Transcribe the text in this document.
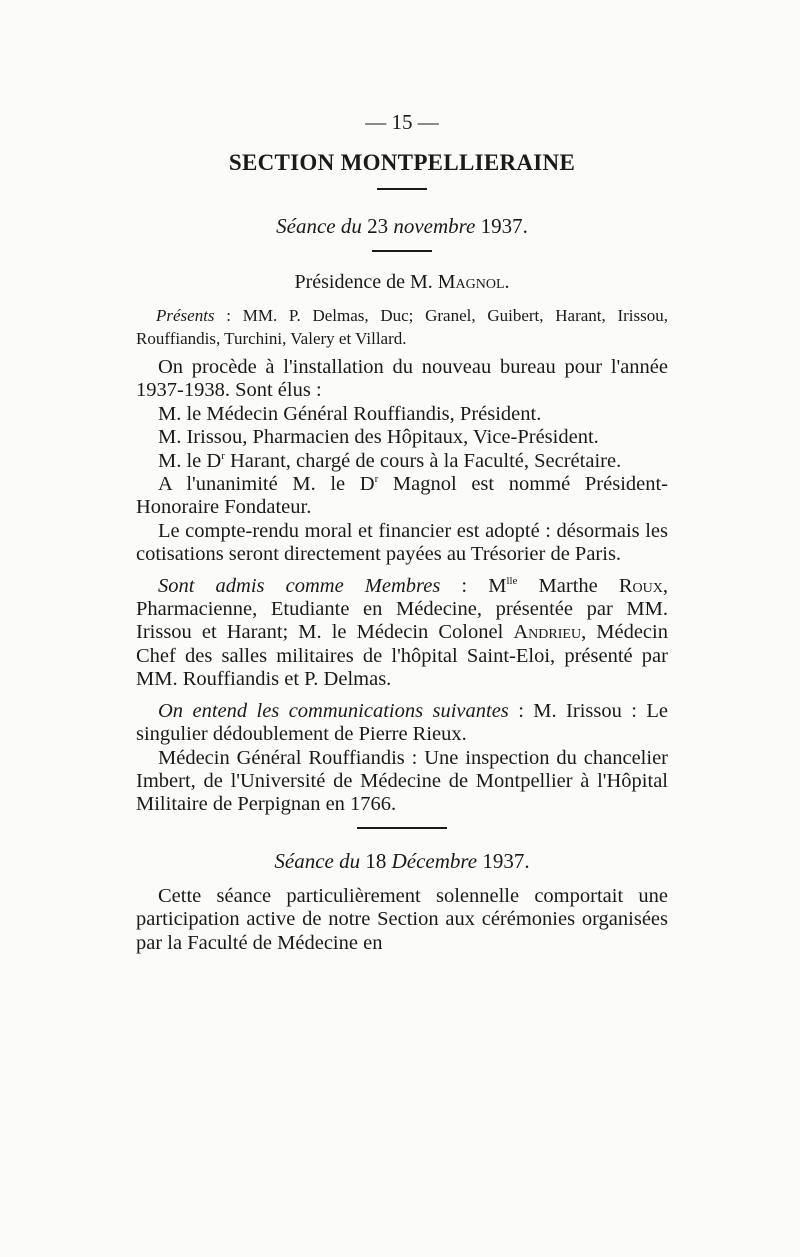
— 15 —
SECTION MONTPELLIERAINE
Séance du 23 novembre 1937.
Présidence de M. Magnol.
Présents : MM. P. Delmas, Duc; Granel, Guibert, Harant, Irissou, Rouffiandis, Turchini, Valery et Villard.

On procède à l'installation du nouveau bureau pour l'année 1937-1938. Sont élus :

M. le Médecin Général Rouffiandis, Président.

M. Irissou, Pharmacien des Hôpitaux, Vice-Président.

M. le $D^r$ Harant, chargé de cours à la Faculté, Secrétaire.

A l'unanimité M. le $D^r$ Magnol est nommé Président-Honoraire Fondateur.

Le compte-rendu moral et financier est adopté : désormais les cotisations seront directement payées au Trésorier de Paris.

Sont admis comme Membres : $M^{lle}$ Marthe Roux, Pharmacienne, Etudiante en Médecine, présentée par MM. Irissou et Harant; M. le Médecin Colonel Andrieu, Médecin Chef des salles militaires de l'hôpital Saint-Eloi, présenté par MM. Rouffiandis et P. Delmas.

On entend les communications suivantes : M. Irissou : Le singulier dédoublement de Pierre Rieux.

Médecin Général Rouffiandis : Une inspection du chancelier Imbert, de l'Université de Médecine de Montpellier à l'Hôpital Militaire de Perpignan en 1766.

Séance du 18 Décembre 1937.

Cette séance particulièrement solennelle comportait une participation active de notre Section aux cérémonies organisées par la Faculté de Médecine en
